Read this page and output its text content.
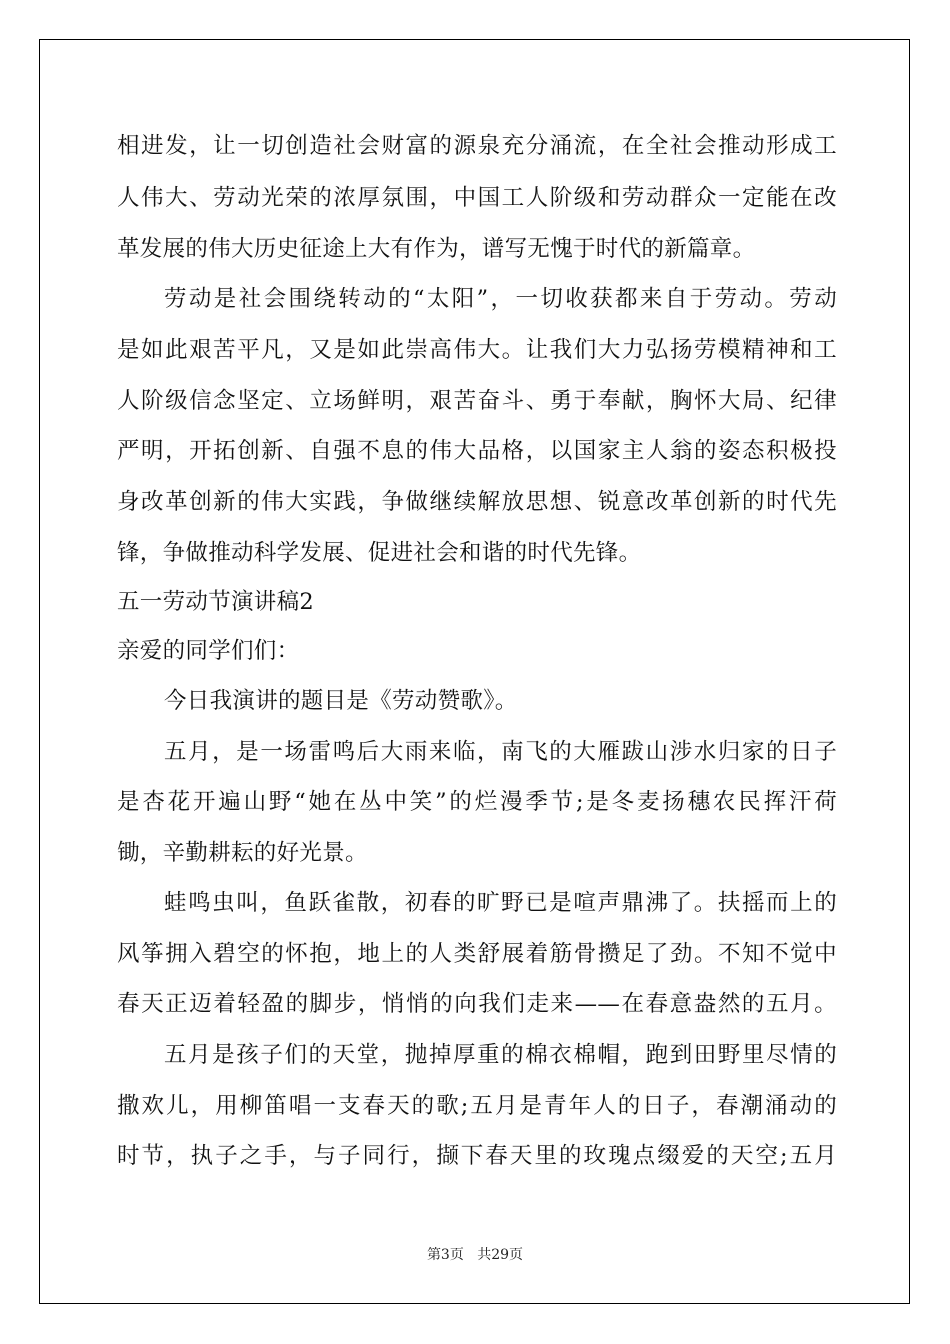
相进发，让一切创造社会财富的源泉充分涌流，在全社会推动形成工
人伟大、劳动光荣的浓厚氛围，中国工人阶级和劳动群众一定能在改
革发展的伟大历史征途上大有作为，谱写无愧于时代的新篇章。
劳动是社会围绕转动的“太阳”，一切收获都来自于劳动。劳动
是如此艰苦平凡，又是如此崇高伟大。让我们大力弘扬劳模精神和工
人阶级信念坚定、立场鲜明，艰苦奋斗、勇于奉献，胸怀大局、纪律
严明，开拓创新、自强不息的伟大品格，以国家主人翁的姿态积极投
身改革创新的伟大实践，争做继续解放思想、锐意改革创新的时代先
锋，争做推动科学发展、促进社会和谐的时代先锋。
五一劳动节演讲稿2
亲爱的同学们们：
今日我演讲的题目是《劳动赞歌》。
五月，是一场雷鸣后大雨来临，南飞的大雁跋山涉水归家的日子
是杏花开遍山野“她在丛中笑”的烂漫季节;是冬麦扬穗农民挥汗荷
锄，辛勤耕耘的好光景。
蛙鸣虫叫，鱼跃雀散，初春的旷野已是喧声鼎沸了。扶摇而上的
风筝拥入碧空的怀抱，地上的人类舒展着筋骨攒足了劲。不知不觉中
春天正迈着轻盈的脚步，悄悄的向我们走来——在春意盎然的五月。
五月是孩子们的天堂，抛掉厚重的棉衣棉帽，跑到田野里尽情的
撒欢儿，用柳笛唱一支春天的歌;五月是青年人的日子，春潮涌动的
时节，执子之手，与子同行，撷下春天里的玫瑰点缀爱的天空;五月
第3页 共29页
